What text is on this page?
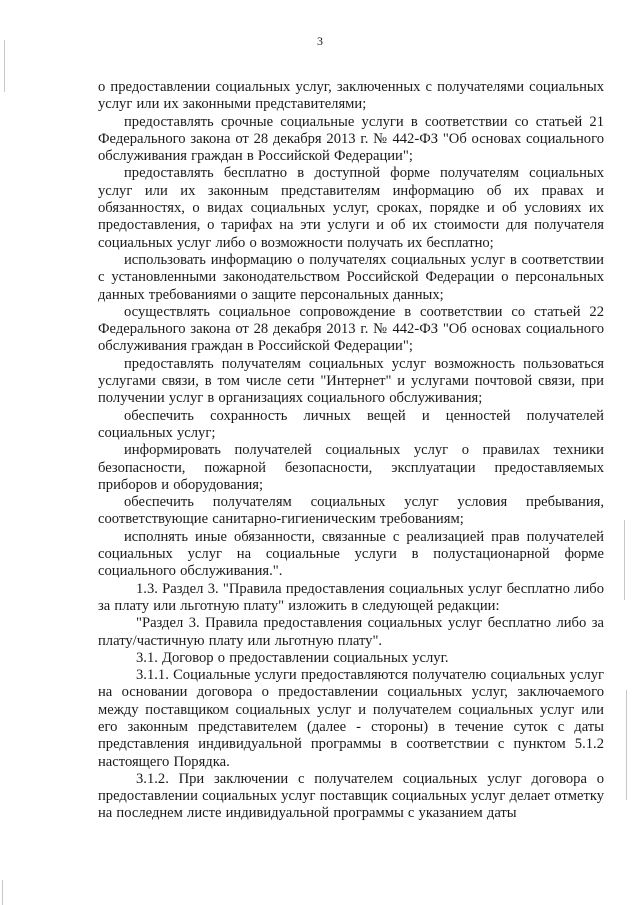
3

о предоставлении социальных услуг, заключенных с получателями социальных услуг или их законными представителями;

предоставлять срочные социальные услуги в соответствии со статьей 21 Федерального закона от 28 декабря 2013 г. № 442-ФЗ "Об основах социального обслуживания граждан в Российской Федерации";

предоставлять бесплатно в доступной форме получателям социальных услуг или их законным представителям информацию об их правах и обязанностях, о видах социальных услуг, сроках, порядке и об условиях их предоставления, о тарифах на эти услуги и об их стоимости для получателя социальных услуг либо о возможности получать их бесплатно;

использовать информацию о получателях социальных услуг в соответствии с установленными законодательством Российской Федерации о персональных данных требованиями о защите персональных данных;

осуществлять социальное сопровождение в соответствии со статьей 22 Федерального закона от 28 декабря 2013 г. № 442-ФЗ "Об основах социального обслуживания граждан в Российской Федерации";

предоставлять получателям социальных услуг возможность пользоваться услугами связи, в том числе сети "Интернет" и услугами почтовой связи, при получении услуг в организациях социального обслуживания;

обеспечить сохранность личных вещей и ценностей получателей социальных услуг;

информировать получателей социальных услуг о правилах техники безопасности, пожарной безопасности, эксплуатации предоставляемых приборов и оборудования;

обеспечить получателям социальных услуг условия пребывания, соответствующие санитарно-гигиеническим требованиям;

исполнять иные обязанности, связанные с реализацией прав получателей социальных услуг на социальные услуги в полустационарной форме социального обслуживания.".

1.3. Раздел 3. "Правила предоставления социальных услуг бесплатно либо за плату или льготную плату" изложить в следующей редакции:

"Раздел 3. Правила предоставления социальных услуг бесплатно либо за плату/частичную плату или льготную плату".

3.1. Договор о предоставлении социальных услуг.

3.1.1. Социальные услуги предоставляются получателю социальных услуг на основании договора о предоставлении социальных услуг, заключаемого между поставщиком социальных услуг и получателем социальных услуг или его законным представителем (далее - стороны) в течение суток с даты представления индивидуальной программы в соответствии с пунктом 5.1.2 настоящего Порядка.

3.1.2. При заключении с получателем социальных услуг договора о предоставлении социальных услуг поставщик социальных услуг делает отметку на последнем листе индивидуальной программы с указанием даты
